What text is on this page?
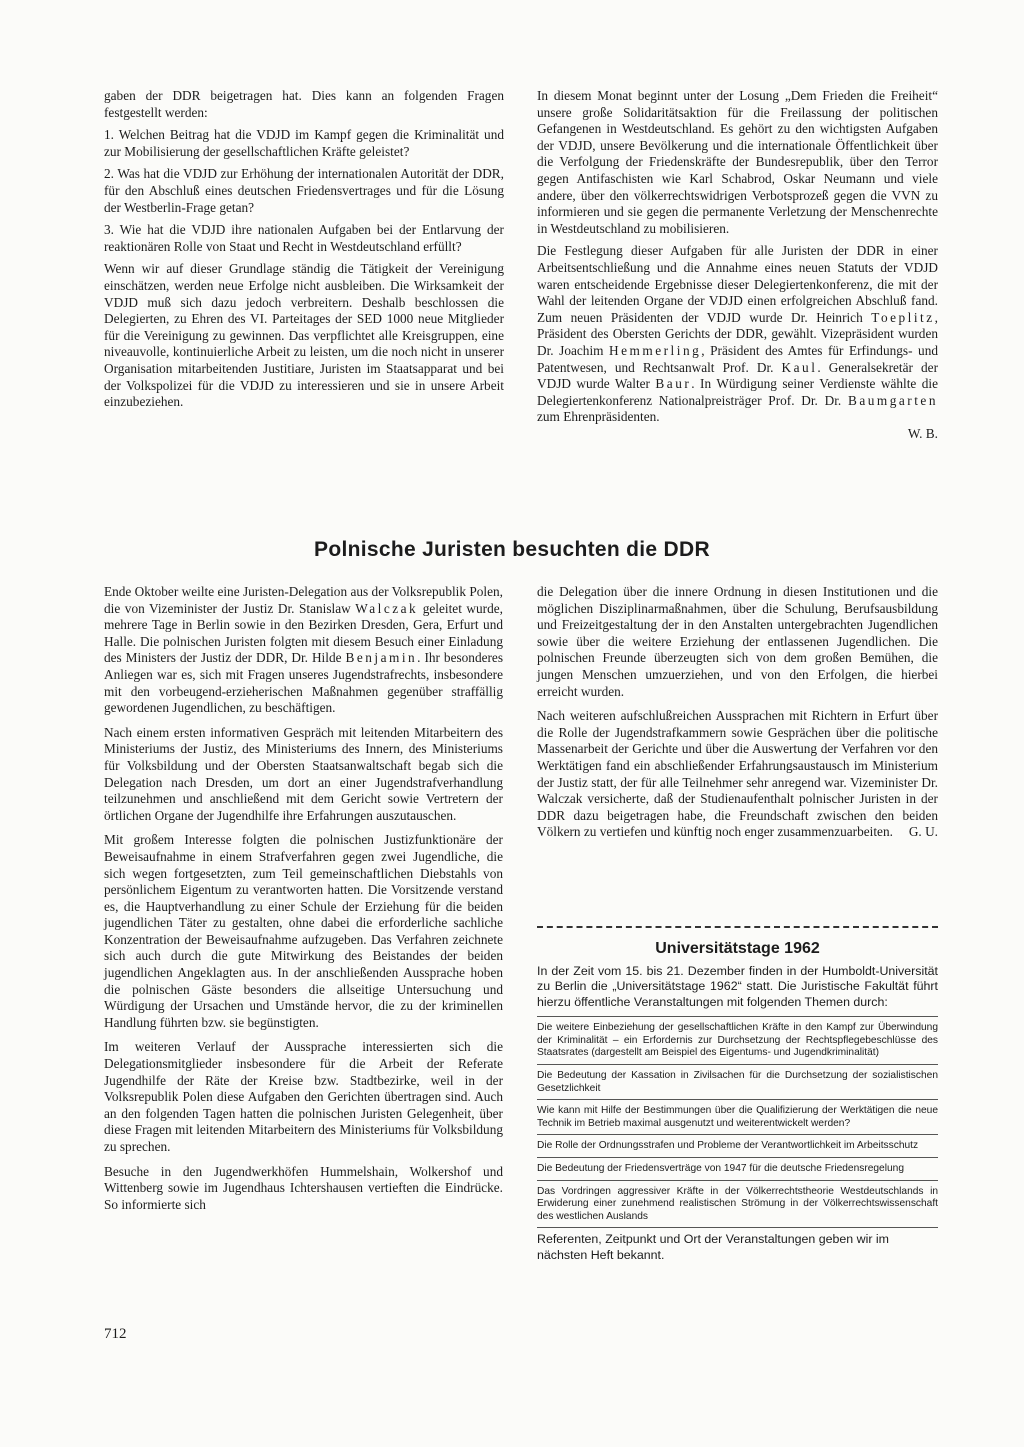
gaben der DDR beigetragen hat. Dies kann an folgenden Fragen festgestellt werden:

1. Welchen Beitrag hat die VDJD im Kampf gegen die Kriminalität und zur Mobilisierung der gesellschaftlichen Kräfte geleistet?

2. Was hat die VDJD zur Erhöhung der internationalen Autorität der DDR, für den Abschluß eines deutschen Friedensvertrages und für die Lösung der Westberlin-Frage getan?

3. Wie hat die VDJD ihre nationalen Aufgaben bei der Entlarvung der reaktionären Rolle von Staat und Recht in Westdeutschland erfüllt?

Wenn wir auf dieser Grundlage ständig die Tätigkeit der Vereinigung einschätzen, werden neue Erfolge nicht ausbleiben. Die Wirksamkeit der VDJD muß sich dazu jedoch verbreitern. Deshalb beschlossen die Delegierten, zu Ehren des VI. Parteitages der SED 1000 neue Mitglieder für die Vereinigung zu gewinnen. Das verpflichtet alle Kreisgruppen, eine niveauvolle, kontinuierliche Arbeit zu leisten, um die noch nicht in unserer Organisation mitarbeitenden Justitiare, Juristen im Staatsapparat und bei der Volkspolizei für die VDJD zu interessieren und sie in unsere Arbeit einzubeziehen.

In diesem Monat beginnt unter der Losung „Dem Frieden die Freiheit“ unsere große Solidaritätsaktion für die Freilassung der politischen Gefangenen in Westdeutschland. Es gehört zu den wichtigsten Aufgaben der VDJD, unsere Bevölkerung und die internationale Öffentlichkeit über die Verfolgung der Friedenskräfte der Bundesrepublik, über den Terror gegen Antifaschisten wie Karl Schabrod, Oskar Neumann und viele andere, über den völkerrechtswidrigen Verbotsprozeß gegen die VVN zu informieren und sie gegen die permanente Verletzung der Menschenrechte in Westdeutschland zu mobilisieren.

Die Festlegung dieser Aufgaben für alle Juristen der DDR in einer Arbeitsentschließung und die Annahme eines neuen Statuts der VDJD waren entscheidende Ergebnisse dieser Delegiertenkonferenz, die mit der Wahl der leitenden Organe der VDJD einen erfolgreichen Abschluß fand. Zum neuen Präsidenten der VDJD wurde Dr. Heinrich Toeplitz, Präsident des Obersten Gerichts der DDR, gewählt. Vizepräsident wurden Dr. Joachim Hemmerling, Präsident des Amtes für Erfindungs- und Patentwesen, und Rechtsanwalt Prof. Dr. Kaul. Generalsekretär der VDJD wurde Walter Baur. In Würdigung seiner Verdienste wählte die Delegiertenkonferenz Nationalpreisträger Prof. Dr. Dr. Baumgarten zum Ehrenpräsidenten.

W. B.
Polnische Juristen besuchten die DDR

Ende Oktober weilte eine Juristen-Delegation aus der Volksrepublik Polen, die von Vizeminister der Justiz Dr. Stanislaw Walczak geleitet wurde, mehrere Tage in Berlin sowie in den Bezirken Dresden, Gera, Erfurt und Halle. Die polnischen Juristen folgten mit diesem Besuch einer Einladung des Ministers der Justiz der DDR, Dr. Hilde Benjamin. Ihr besonderes Anliegen war es, sich mit Fragen unseres Jugendstrafrechts, insbesondere mit den vorbeugend-erzieherischen Maßnahmen gegenüber straffällig gewordenen Jugendlichen, zu beschäftigen.

Nach einem ersten informativen Gespräch mit leitenden Mitarbeitern des Ministeriums der Justiz, des Ministeriums des Innern, des Ministeriums für Volksbildung und der Obersten Staatsanwaltschaft begab sich die Delegation nach Dresden, um dort an einer Jugendstrafverhandlung teilzunehmen und anschließend mit dem Gericht sowie Vertretern der örtlichen Organe der Jugendhilfe ihre Erfahrungen auszutauschen.

Mit großem Interesse folgten die polnischen Justizfunktionäre der Beweisaufnahme in einem Strafverfahren gegen zwei Jugendliche, die sich wegen fortgesetzten, zum Teil gemeinschaftlichen Diebstahls von persönlichem Eigentum zu verantworten hatten. Die Vorsitzende verstand es, die Hauptverhandlung zu einer Schule der Erziehung für die beiden jugendlichen Täter zu gestalten, ohne dabei die erforderliche sachliche Konzentration der Beweisaufnahme aufzugeben. Das Verfahren zeichnete sich auch durch die gute Mitwirkung des Beistandes der beiden jugendlichen Angeklagten aus. In der anschließenden Aussprache hoben die polnischen Gäste besonders die allseitige Untersuchung und Würdigung der Ursachen und Umstände hervor, die zu der kriminellen Handlung führten bzw. sie begünstigten.

Im weiteren Verlauf der Aussprache interessierten sich die Delegationsmitglieder insbesondere für die Arbeit der Referate Jugendhilfe der Räte der Kreise bzw. Stadtbezirke, weil in der Volksrepublik Polen diese Aufgaben den Gerichten übertragen sind. Auch an den folgenden Tagen hatten die polnischen Juristen Gelegenheit, über diese Fragen mit leitenden Mitarbeitern des Ministeriums für Volksbildung zu sprechen.

Besuche in den Jugendwerkhöfen Hummelshain, Wolkershof und Wittenberg sowie im Jugendhaus Ichtershausen vertieften die Eindrücke. So informierte sich

die Delegation über die innere Ordnung in diesen Institutionen und die möglichen Disziplinarmaßnahmen, über die Schulung, Berufsausbildung und Freizeitgestaltung der in den Anstalten untergebrachten Jugendlichen sowie über die weitere Erziehung der entlassenen Jugendlichen. Die polnischen Freunde überzeugten sich von dem großen Bemühen, die jungen Menschen umzuerziehen, und von den Erfolgen, die hierbei erreicht wurden.

Nach weiteren aufschlußreichen Aussprachen mit Richtern in Erfurt über die Rolle der Jugendstrafkammern sowie Gesprächen über die politische Massenarbeit der Gerichte und über die Auswertung der Verfahren vor den Werktätigen fand ein abschließender Erfahrungsaustausch im Ministerium der Justiz statt, der für alle Teilnehmer sehr anregend war. Vizeminister Dr. Walczak versicherte, daß der Studienaufenthalt polnischer Juristen in der DDR dazu beigetragen habe, die Freundschaft zwischen den beiden Völkern zu vertiefen und künftig noch enger zusammenzuarbeiten. G. U.

Universitätstage 1962
In der Zeit vom 15. bis 21. Dezember finden in der Humboldt-Universität zu Berlin die „Universitätstage 1962“ statt. Die Juristische Fakultät führt hierzu öffentliche Veranstaltungen mit folgenden Themen durch:
Die weitere Einbeziehung der gesellschaftlichen Kräfte in den Kampf zur Überwindung der Kriminalität – ein Erfordernis zur Durchsetzung der Rechtspflegebeschlüsse des Staatsrates (dargestellt am Beispiel des Eigentums- und Jugendkriminalität)
Die Bedeutung der Kassation in Zivilsachen für die Durchsetzung der sozialistischen Gesetzlichkeit
Wie kann mit Hilfe der Bestimmungen über die Qualifizierung der Werktätigen die neue Technik im Betrieb maximal ausgenutzt und weiterentwickelt werden?
Die Rolle der Ordnungsstrafen und Probleme der Verantwortlichkeit im Arbeitsschutz
Die Bedeutung der Friedensverträge von 1947 für die deutsche Friedensregelung
Das Vordringen aggressiver Kräfte in der Völkerrechtstheorie Westdeutschlands in Erwiderung einer zunehmend realistischen Strömung in der Völkerrechtswissenschaft des westlichen Auslands
Referenten, Zeitpunkt und Ort der Veranstaltungen geben wir im nächsten Heft bekannt.
712
